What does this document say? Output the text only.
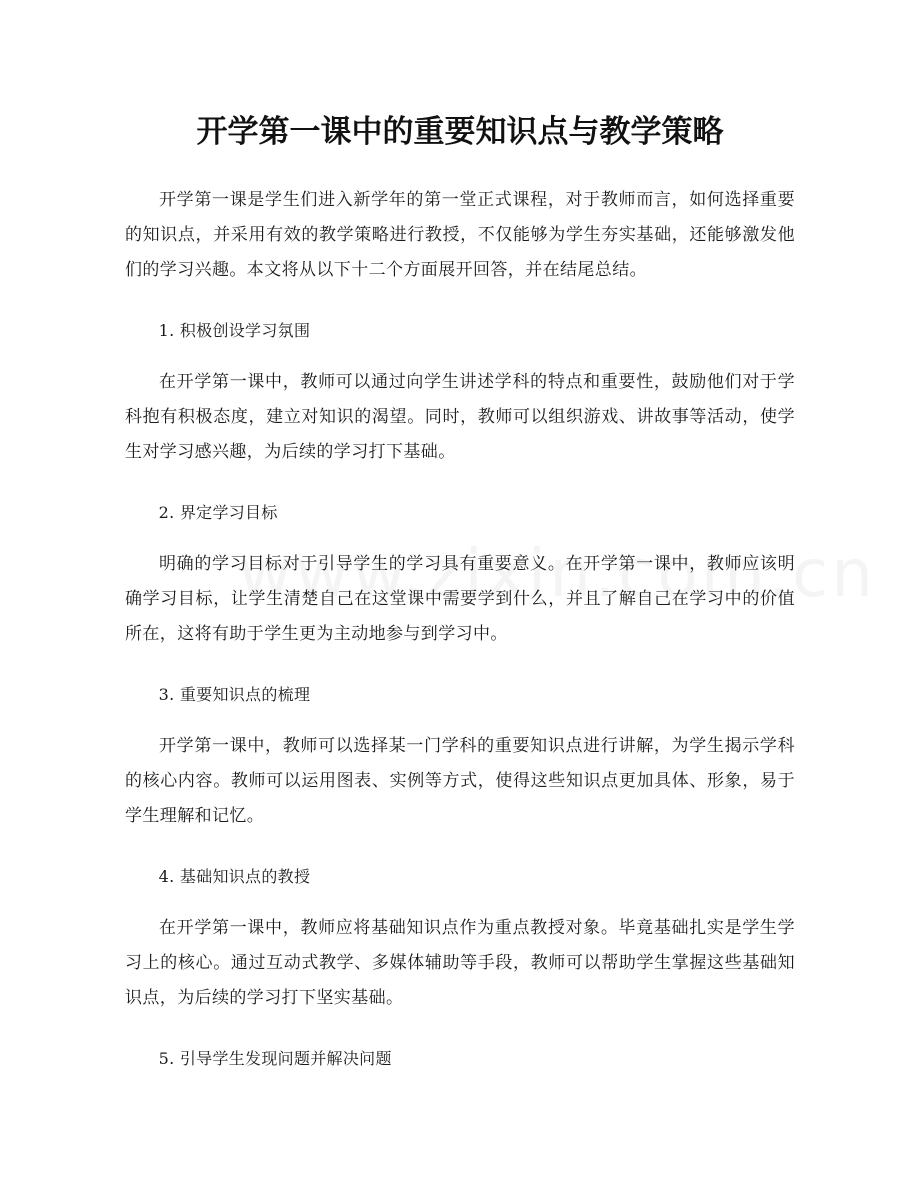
开学第一课中的重要知识点与教学策略

开学第一课是学生们进入新学年的第一堂正式课程，对于教师而言，如何选择重要的知识点，并采用有效的教学策略进行教授，不仅能够为学生夯实基础，还能够激发他们的学习兴趣。本文将从以下十二个方面展开回答，并在结尾总结。

1. 积极创设学习氛围

在开学第一课中，教师可以通过向学生讲述学科的特点和重要性，鼓励他们对于学科抱有积极态度，建立对知识的渴望。同时，教师可以组织游戏、讲故事等活动，使学生对学习感兴趣，为后续的学习打下基础。

2. 界定学习目标

明确的学习目标对于引导学生的学习具有重要意义。在开学第一课中，教师应该明确学习目标，让学生清楚自己在这堂课中需要学到什么，并且了解自己在学习中的价值所在，这将有助于学生更为主动地参与到学习中。

3. 重要知识点的梳理

开学第一课中，教师可以选择某一门学科的重要知识点进行讲解，为学生揭示学科的核心内容。教师可以运用图表、实例等方式，使得这些知识点更加具体、形象，易于学生理解和记忆。

4. 基础知识点的教授

在开学第一课中，教师应将基础知识点作为重点教授对象。毕竟基础扎实是学生学习上的核心。通过互动式教学、多媒体辅助等手段，教师可以帮助学生掌握这些基础知识点，为后续的学习打下坚实基础。

5. 引导学生发现问题并解决问题
